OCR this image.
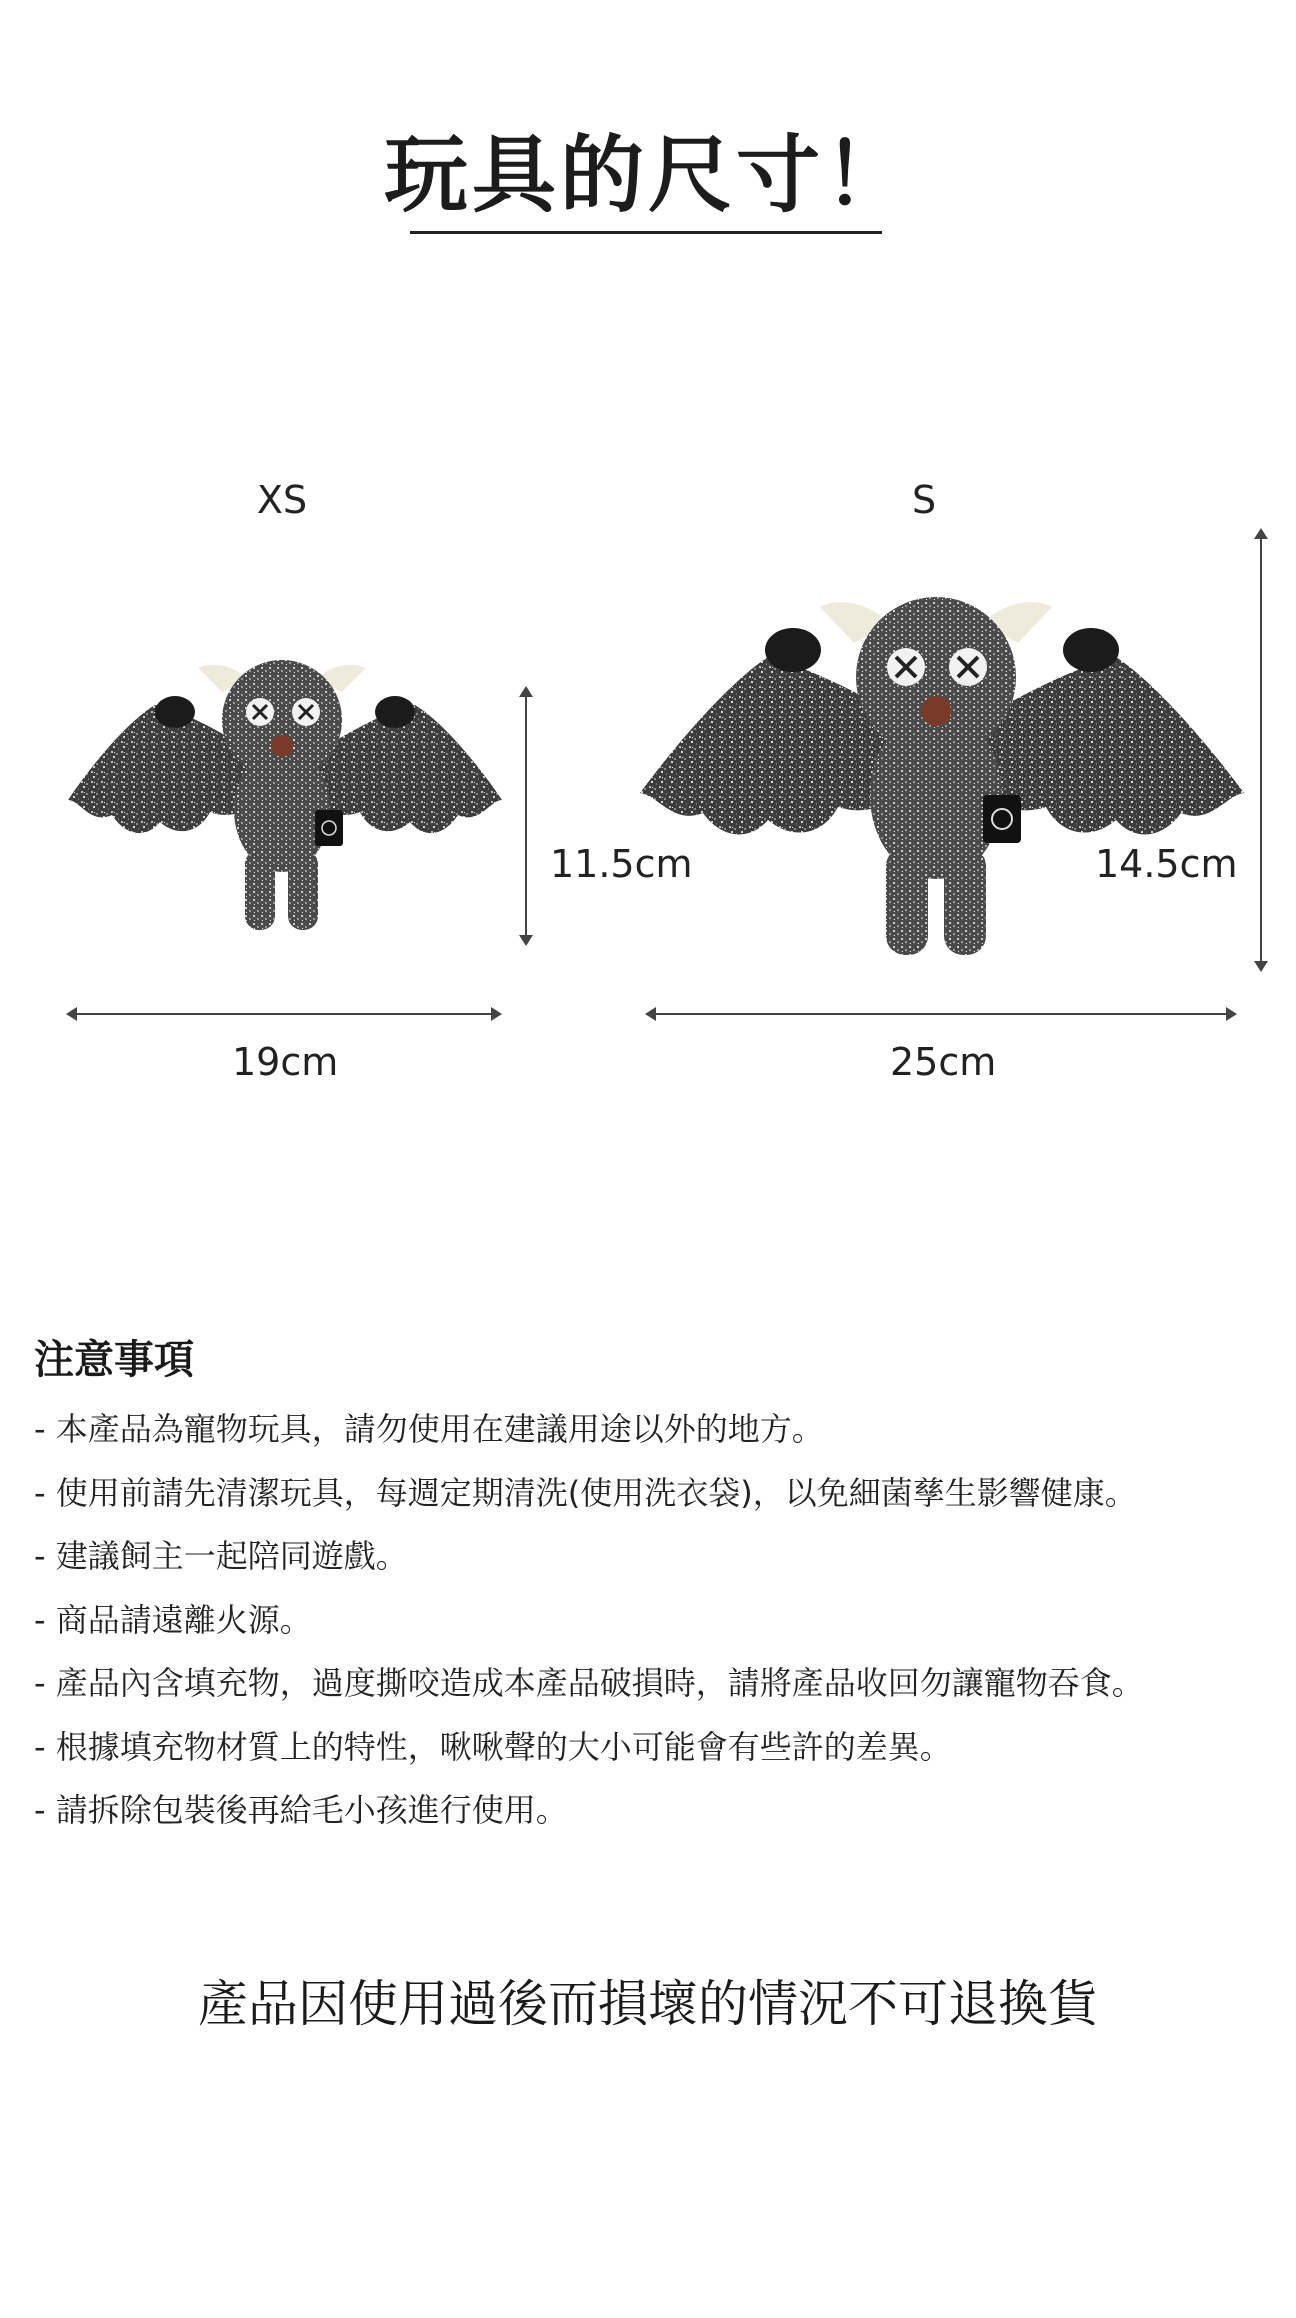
玩具的尺寸！
XS
11.5cm
19cm
S
14.5cm
25cm
注意事項
- 本產品為寵物玩具，請勿使用在建議用途以外的地方。
- 使用前請先清潔玩具，每週定期清洗(使用洗衣袋)，以免細菌孳生影響健康。
- 建議飼主一起陪同遊戲。
- 商品請遠離火源。
- 產品內含填充物，過度撕咬造成本產品破損時，請將產品收回勿讓寵物吞食。
- 根據填充物材質上的特性，啾啾聲的大小可能會有些許的差異。
- 請拆除包裝後再給毛小孩進行使用。

產品因使用過後而損壞的情況不可退換貨
